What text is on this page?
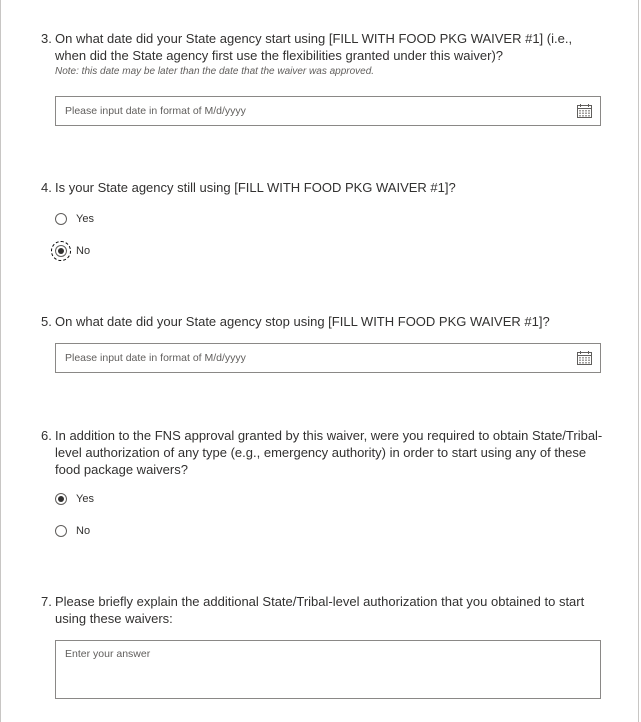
3. On what date did your State agency start using [FILL WITH FOOD PKG WAIVER #1] (i.e., when did the State agency first use the flexibilities granted under this waiver)?
Note: this date may be later than the date that the waiver was approved.
Please input date in format of M/d/yyyy
4. Is your State agency still using [FILL WITH FOOD PKG WAIVER #1]?
Yes
No
5. On what date did your State agency stop using [FILL WITH FOOD PKG WAIVER #1]?
Please input date in format of M/d/yyyy
6. In addition to the FNS approval granted by this waiver, were you required to obtain State/Tribal-level authorization of any type (e.g., emergency authority) in order to start using any of these food package waivers?
Yes
No
7. Please briefly explain the additional State/Tribal-level authorization that you obtained to start using these waivers:
Enter your answer
